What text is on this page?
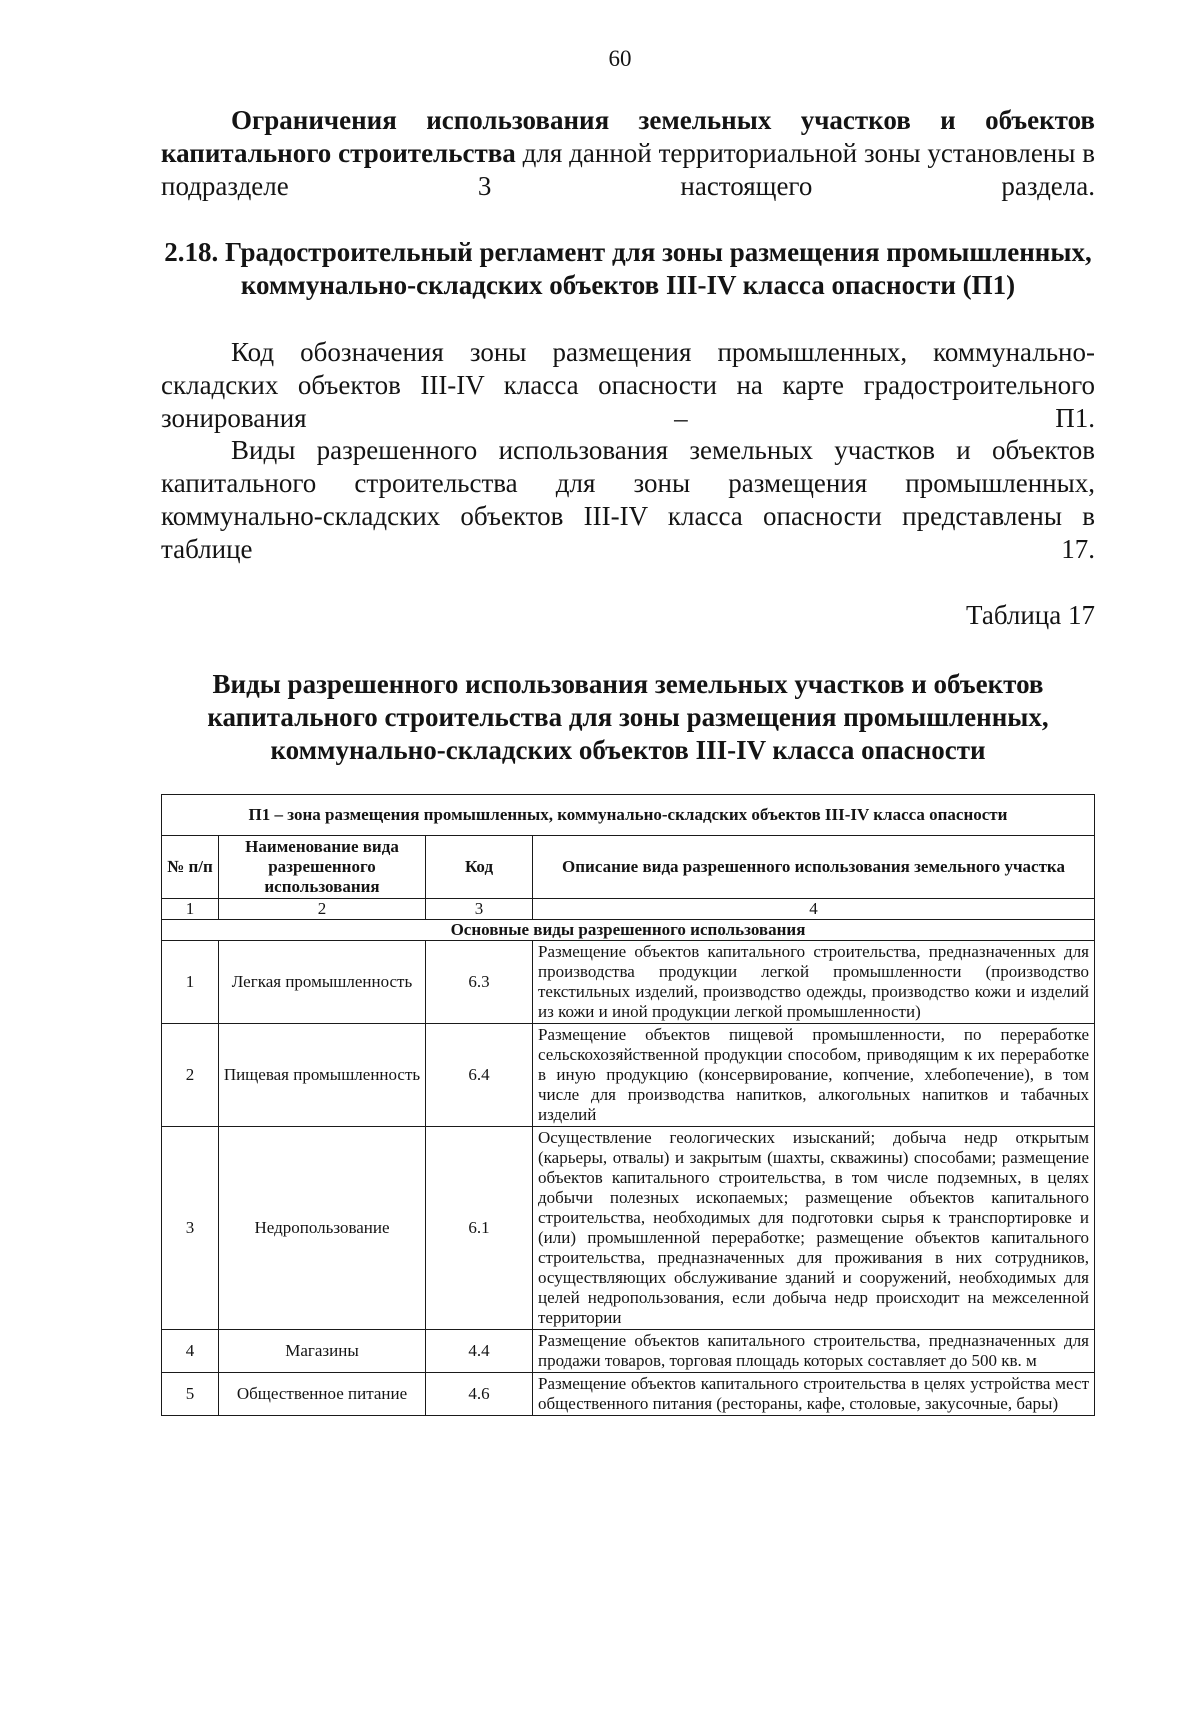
60
Ограничения использования земельных участков и объектов капитального строительства для данной территориальной зоны установлены в подразделе 3 настоящего раздела.
2.18. Градостроительный регламент для зоны размещения промышленных, коммунально-складских объектов III-IV класса опасности (П1)
Код обозначения зоны размещения промышленных, коммунально-складских объектов III-IV класса опасности на карте градостроительного зонирования – П1.
Виды разрешенного использования земельных участков и объектов капитального строительства для зоны размещения промышленных, коммунально-складских объектов III-IV класса опасности представлены в таблице 17.
Таблица 17
Виды разрешенного использования земельных участков и объектов капитального строительства для зоны размещения промышленных, коммунально-складских объектов III-IV класса опасности
П1 – зона размещения промышленных, коммунально-складских объектов III-IV класса опасности			
№ п/п	Наименование вида разрешенного использования	Код	Описание вида разрешенного использования земельного участка
1	2	3	4
Основные виды разрешенного использования			
1	Легкая промышленность	6.3	Размещение объектов капитального строительства, предназначенных для производства продукции легкой промышленности (производство текстильных изделий, производство одежды, производство кожи и изделий из кожи и иной продукции легкой промышленности)
2	Пищевая промышленность	6.4	Размещение объектов пищевой промышленности, по переработке сельскохозяйственной продукции способом, приводящим к их переработке в иную продукцию (консервирование, копчение, хлебопечение), в том числе для производства напитков, алкогольных напитков и табачных изделий
3	Недропользование	6.1	Осуществление геологических изысканий; добыча недр открытым (карьеры, отвалы) и закрытым (шахты, скважины) способами; размещение объектов капитального строительства, в том числе подземных, в целях добычи полезных ископаемых; размещение объектов капитального строительства, необходимых для подготовки сырья к транспортировке и (или) промышленной переработке; размещение объектов капитального строительства, предназначенных для проживания в них сотрудников, осуществляющих обслуживание зданий и сооружений, необходимых для целей недропользования, если добыча недр происходит на межселенной территории
4	Магазины	4.4	Размещение объектов капитального строительства, предназначенных для продажи товаров, торговая площадь которых составляет до 500 кв. м
5	Общественное питание	4.6	Размещение объектов капитального строительства в целях устройства мест общественного питания (рестораны, кафе, столовые, закусочные, бары)
